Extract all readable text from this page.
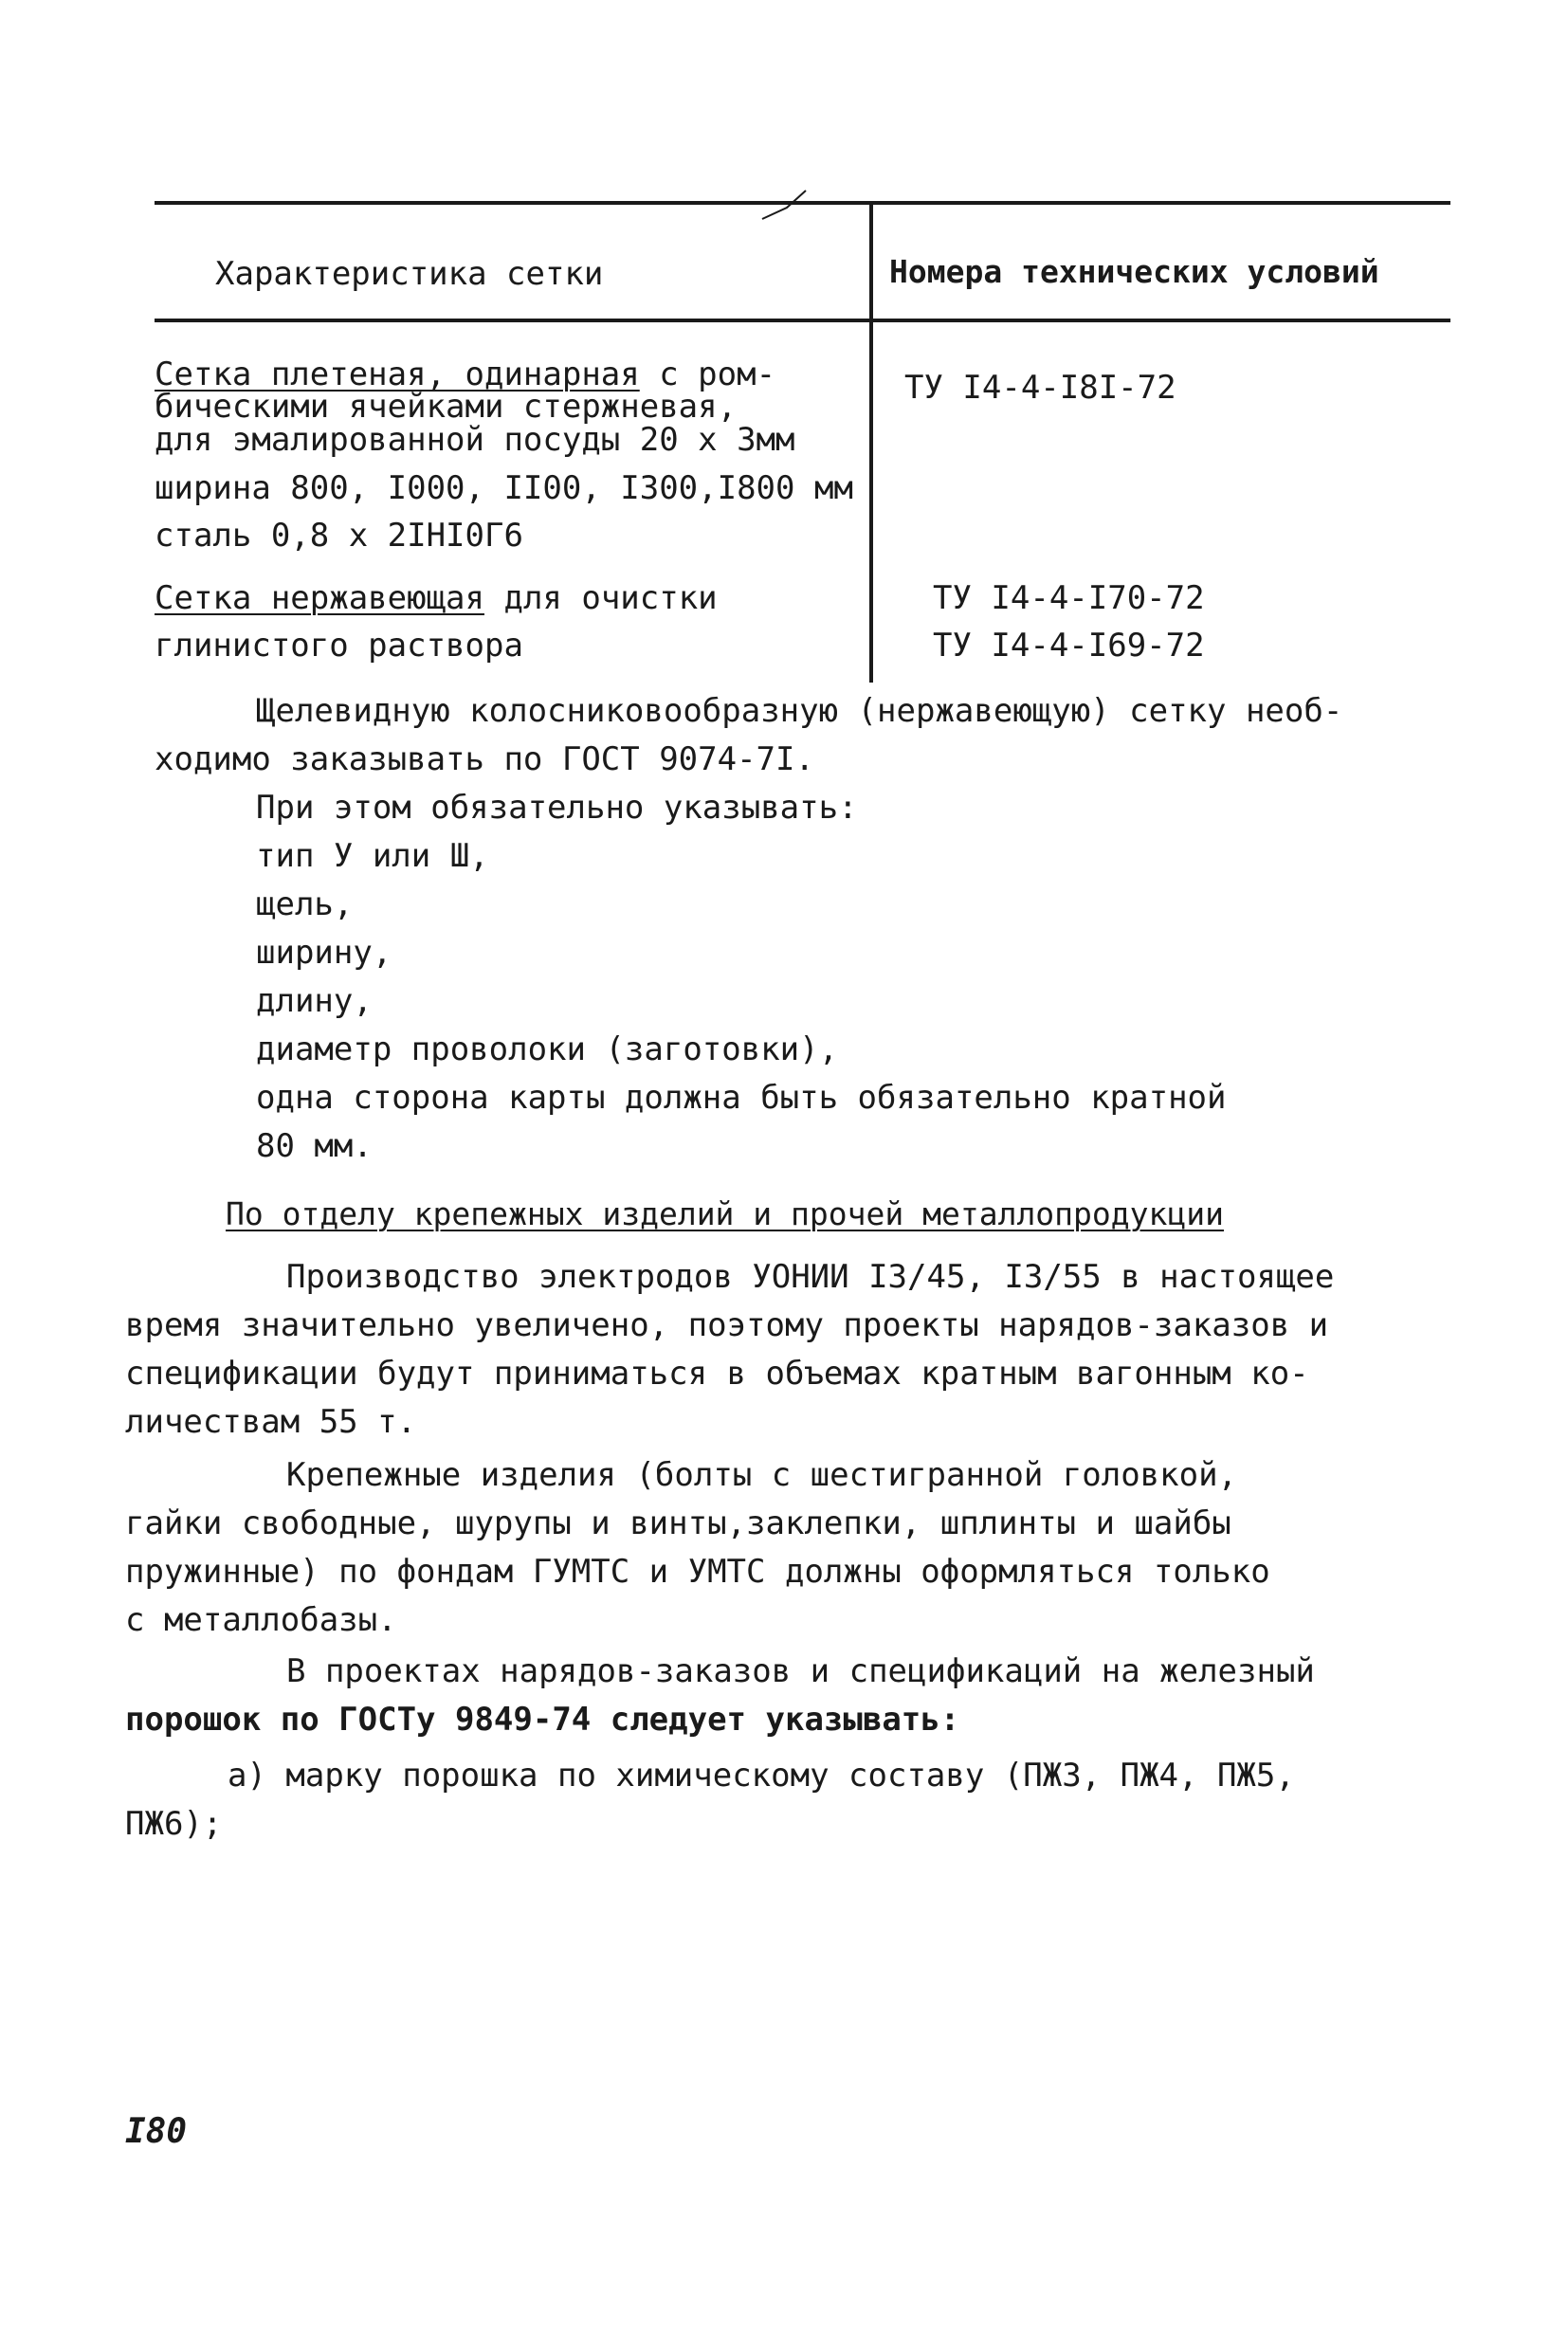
Характеристика сетки	Номера технических условий
Сетка плетеная, одинарная с ром-
бическими ячейками стержневая,
для эмалированной посуды 20 х 3мм
ширина 800, I000, II00, I300,I800 мм
сталь 0,8 х 2IHI0Г6
ТУ I4-4-I8I-72
Сетка нержавеющая для очистки
глинистого раствора
ТУ I4-4-I70-72
ТУ I4-4-I69-72
Щелевидную колосниковообразную (нержавеющую) сетку необ-
ходимо заказывать по ГОСТ 9074-7I.
При этом обязательно указывать:
тип У или Ш,
щель,
ширину,
длину,
диаметр проволоки (заготовки),
одна сторона карты должна быть обязательно кратной
80 мм.
По отделу крепежных изделий и прочей металлопродукции
Производство электродов УОНИИ I3/45, I3/55 в настоящее
время значительно увеличено, поэтому проекты нарядов-заказов и
спецификации будут приниматься в объемах кратным вагонным ко-
личествам 55 т.
Крепежные изделия (болты с шестигранной головкой,
гайки свободные, шурупы и винты,заклепки, шплинты и шайбы
пружинные) по фондам ГУМТС и УМТС должны оформляться только
с металлобазы.
В проектах нарядов-заказов и спецификаций на железный
порошок по ГОСТу 9849-74 следует указывать:
а) марку порошка по химическому составу (ПЖ3, ПЖ4, ПЖ5,
ПЖ6);
I80
